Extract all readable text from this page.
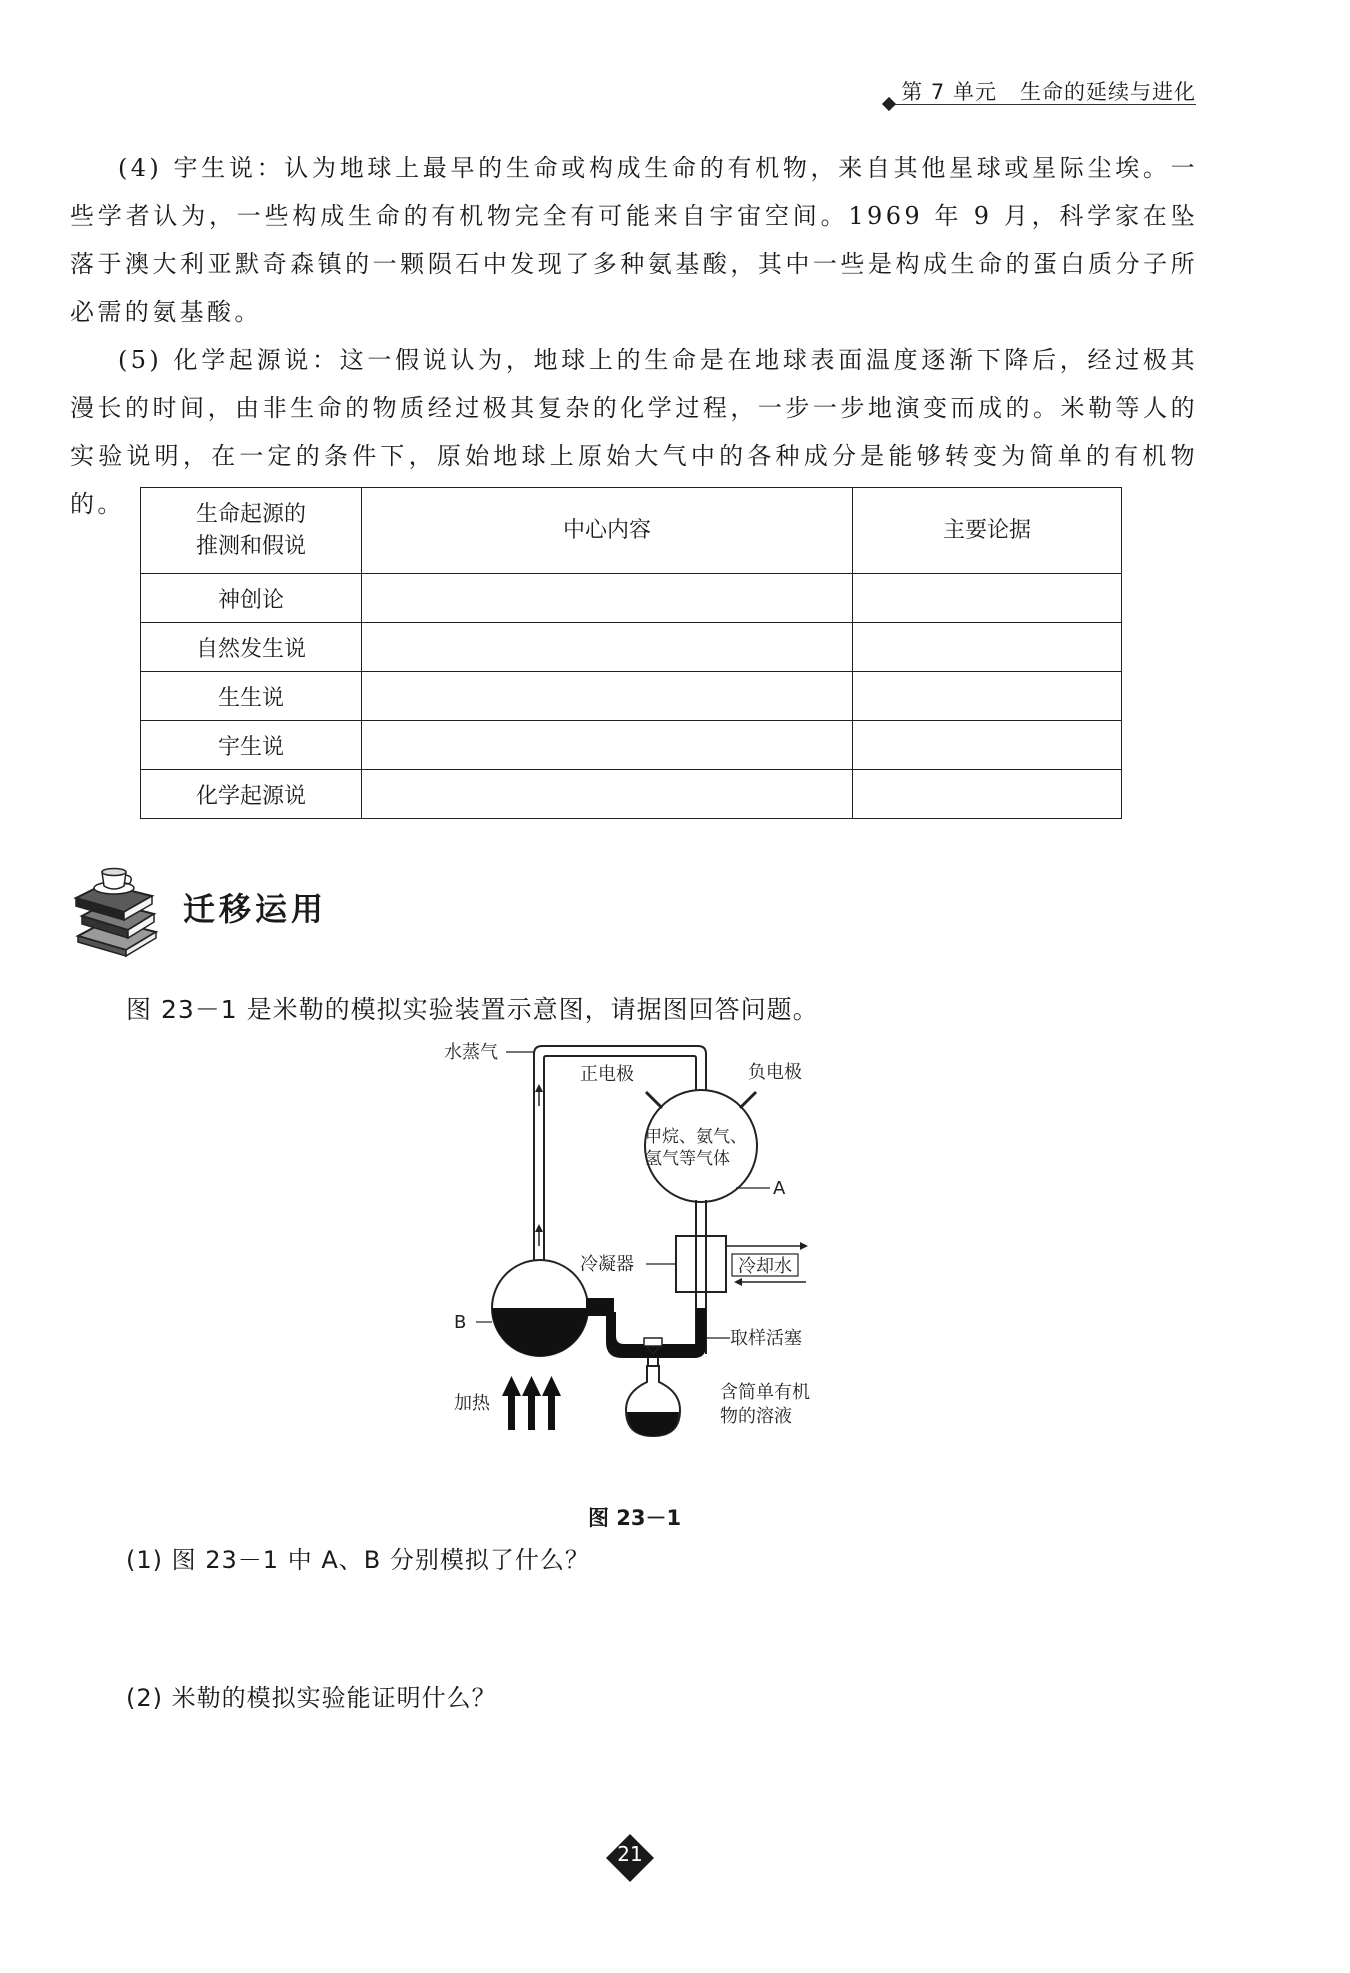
第 7 单元 生命的延续与进化

(4) 宇生说：认为地球上最早的生命或构成生命的有机物，来自其他星球或星际尘埃。一些学者认为，一些构成生命的有机物完全有可能来自宇宙空间。1969 年 9 月，科学家在坠落于澳大利亚默奇森镇的一颗陨石中发现了多种氨基酸，其中一些是构成生命的蛋白质分子所必需的氨基酸。

(5) 化学起源说：这一假说认为，地球上的生命是在地球表面温度逐渐下降后，经过极其漫长的时间，由非生命的物质经过极其复杂的化学过程，一步一步地演变而成的。米勒等人的实验说明，在一定的条件下，原始地球上原始大气中的各种成分是能够转变为简单的有机物的。	生命起源的
推测和假说	中心内容	主要论据
神创论		
自然发生说		
生生说		
宇生说		
化学起源说		
迁移运用
图 23－1 是米勒的模拟实验装置示意图，请据图回答问题。
水蒸气
正电极	负电极
甲烷、氨气、
氢气等气体
A
冷却水
冷凝器
B
取样活塞
含简单有机
物的溶液
加热
图 23－1
(1) 图 23－1 中 A、B 分别模拟了什么？
(2) 米勒的模拟实验能证明什么？
21
